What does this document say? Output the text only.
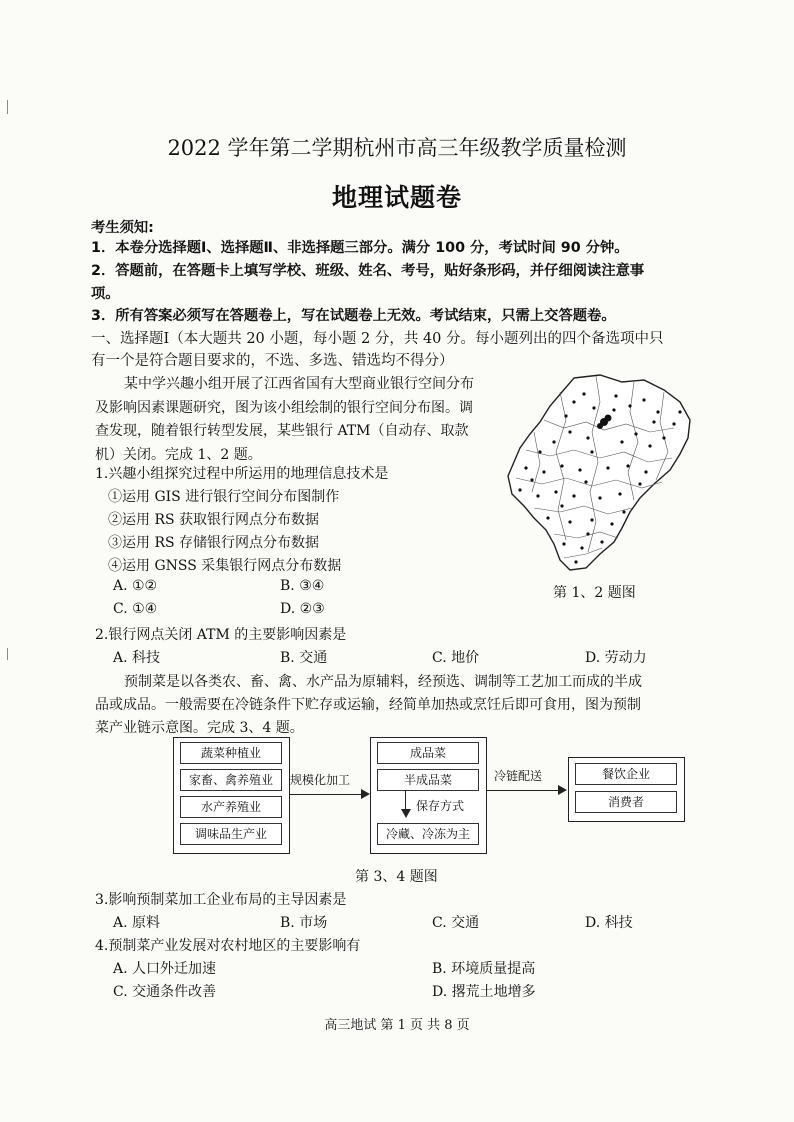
2022 学年第二学期杭州市高三年级教学质量检测
地理试题卷
考生须知:
1．本卷分选择题Ⅰ、选择题Ⅱ、非选择题三部分。满分 100 分，考试时间 90 分钟。
2．答题前，在答题卡上填写学校、班级、姓名、考号，贴好条形码，并仔细阅读注意事
项。
3．所有答案必须写在答题卷上，写在试题卷上无效。考试结束，只需上交答题卷。
一、选择题Ⅰ（本大题共 20 小题，每小题 2 分，共 40 分。每小题列出的四个备选项中只
有一个是符合题目要求的，不选、多选、错选均不得分）
某中学兴趣小组开展了江西省国有大型商业银行空间分布
及影响因素课题研究，图为该小组绘制的银行空间分布图。调
查发现，随着银行转型发展，某些银行 ATM（自动存、取款
机）关闭。完成 1、2 题。
第 1、2 题图
1.兴趣小组探究过程中所运用的地理信息技术是
①运用 GIS 进行银行空间分布图制作
②运用 RS 获取银行网点分布数据
③运用 RS 存储银行网点分布数据
④运用 GNSS 采集银行网点分布数据
A. ①②	B. ③④
C. ①④	D. ②③
2.银行网点关闭 ATM 的主要影响因素是
A. 科技	B. 交通	C. 地价	D. 劳动力
预制菜是以各类农、畜、禽、水产品为原辅料，经预选、调制等工艺加工而成的半成
品或成品。一般需要在冷链条件下贮存或运输，经简单加热或烹饪后即可食用，图为预制
菜产业链示意图。完成 3、4 题。
蔬菜种植业
家畜、禽养殖业
水产养殖业
调味品生产业
规模化加工
成品菜
半成品菜
保存方式
冷藏、冷冻为主
冷链配送	餐饮企业
消费者
第 3、4 题图
3.影响预制菜加工企业布局的主导因素是
A. 原料	B. 市场	C. 交通	D. 科技
4.预制菜产业发展对农村地区的主要影响有
A. 人口外迁加速	B. 环境质量提高
C. 交通条件改善	D. 撂荒土地增多
高三地试 第 1 页 共 8 页
